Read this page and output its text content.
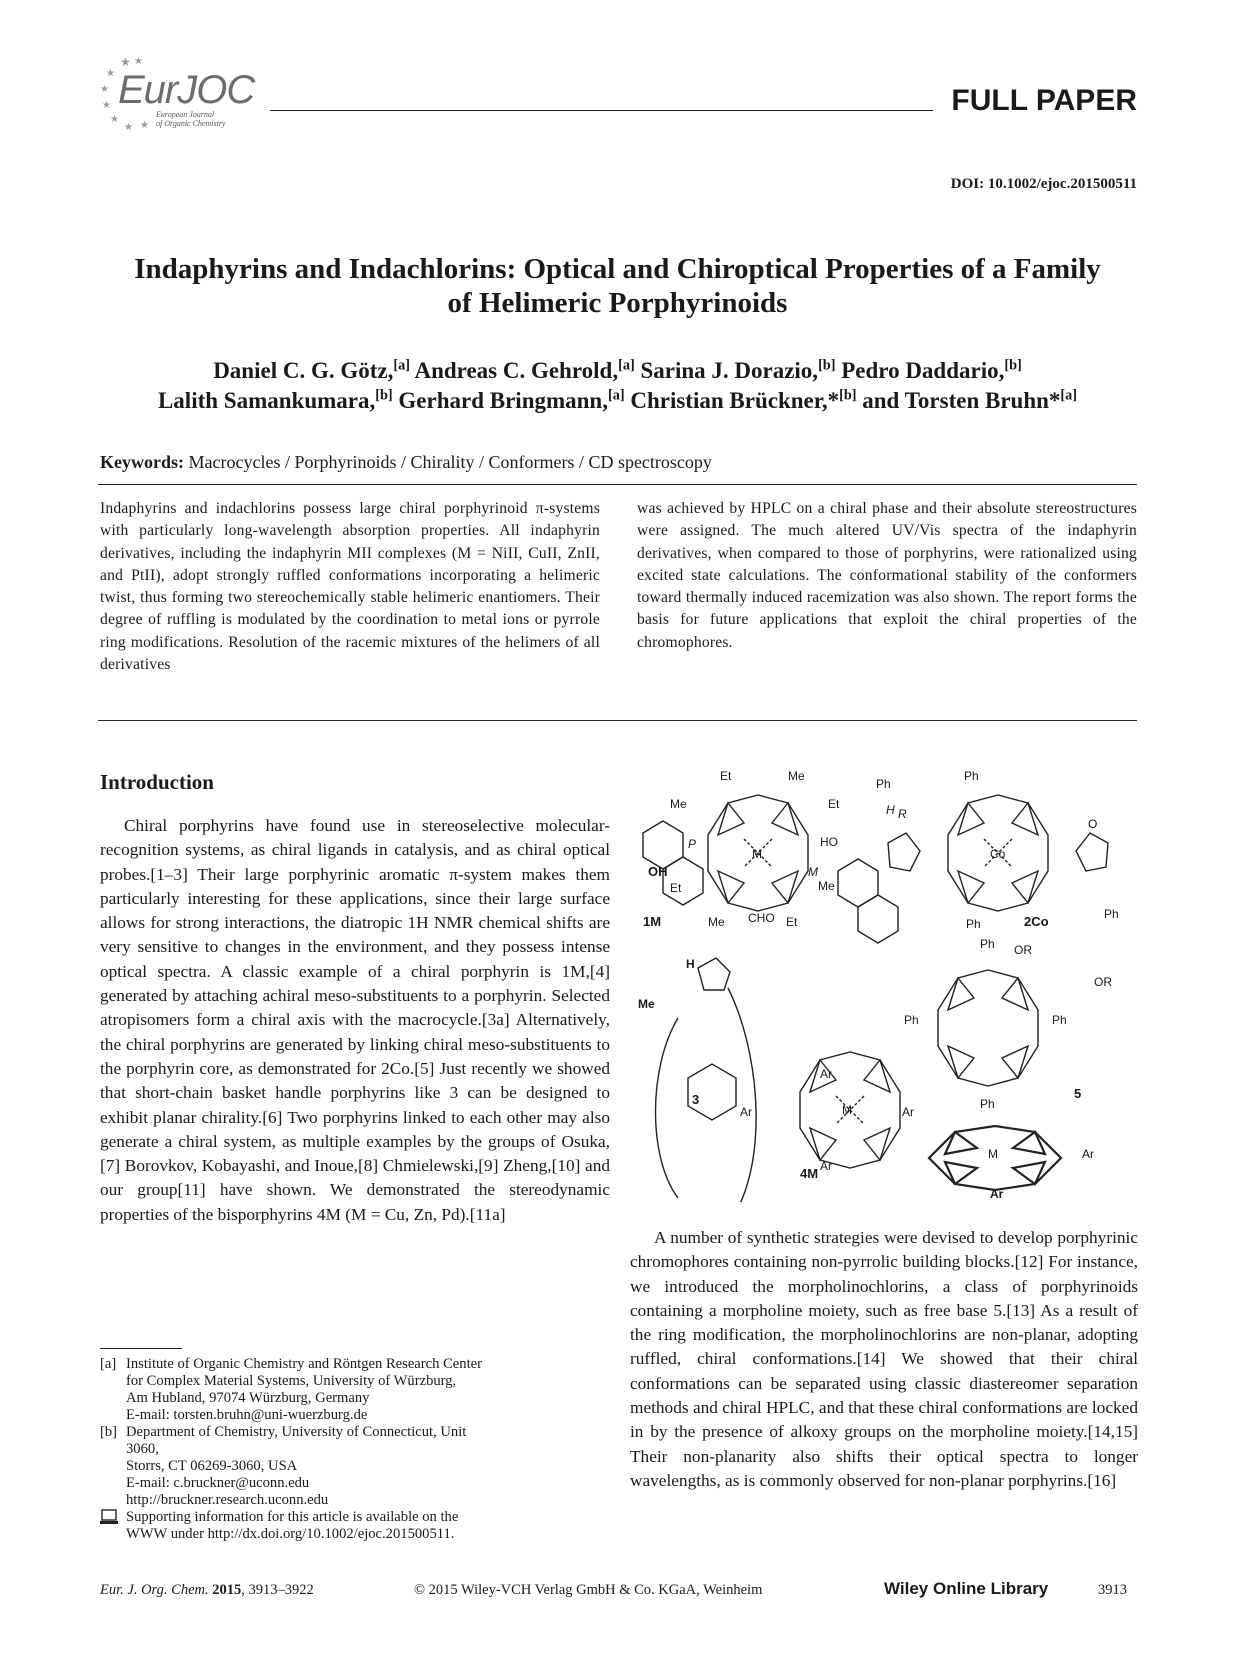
★ ★
★
★
★
★
★ ★
EurJOC
European Journal
of Organic Chemistry
FULL PAPER
DOI: 10.1002/ejoc.201500511
Indaphyrins and Indachlorins: Optical and Chiroptical Properties of a Family
of Helimeric Porphyrinoids
Daniel C. G. Götz,[a] Andreas C. Gehrold,[a] Sarina J. Dorazio,[b] Pedro Daddario,[b]
Lalith Samankumara,[b] Gerhard Bringmann,[a] Christian Brückner,*[b] and Torsten Bruhn*[a]
Keywords: Macrocycles / Porphyrinoids / Chirality / Conformers / CD spectroscopy
Indaphyrins and indachlorins possess large chiral porphyrinoid π-systems with particularly long-wavelength absorption properties. All indaphyrin derivatives, including the indaphyrin MII complexes (M = NiII, CuII, ZnII, and PtII), adopt strongly ruffled conformations incorporating a helimeric twist, thus forming two stereochemically stable helimeric enantiomers. Their degree of ruffling is modulated by the coordination to metal ions or pyrrole ring modifications. Resolution of the racemic mixtures of the helimers of all derivatives
was achieved by HPLC on a chiral phase and their absolute stereostructures were assigned. The much altered UV/Vis spectra of the indaphyrin derivatives, when compared to those of porphyrins, were rationalized using excited state calculations. The conformational stability of the conformers toward thermally induced racemization was also shown. The report forms the basis for future applications that exploit the chiral properties of the chromophores.
Introduction

Chiral porphyrins have found use in stereoselective molecular-recognition systems, as chiral ligands in catalysis, and as chiral optical probes.[1–3] Their large porphyrinic aromatic π-system makes them particularly interesting for these applications, since their large surface allows for strong interactions, the diatropic 1H NMR chemical shifts are very sensitive to changes in the environment, and they possess intense optical spectra. A classic example of a chiral porphyrin is 1M,[4] generated by attaching achiral meso-substituents to a porphyrin. Selected atropisomers form a chiral axis with the macrocycle.[3a] Alternatively, the chiral porphyrins are generated by linking chiral meso-substituents to the porphyrin core, as demonstrated for 2Co.[5] Just recently we showed that short-chain basket handle porphyrins like 3 can be designed to exhibit planar chirality.[6] Two porphyrins linked to each other may also generate a chiral system, as multiple examples by the groups of Osuka,[7] Borovkov, Kobayashi, and Inoue,[8] Chmielewski,[9] Zheng,[10] and our group[11] have shown. We demonstrated the stereodynamic properties of the bisporphyrins 4M (M = Cu, Zn, Pd).[11a]

Et	Me
Me	Et
OH
HO
P
M
M
Et	Me
Me CHO Et
1M
Ph
Ph
Co
H R
O
Ph
Ph
2Co
H
Me
3
Ar
Ar	Ar
Ar
M
4M
M
Ar
Ar
Ph OR
OR
Ph	Ph
Ph
5

A number of synthetic strategies were devised to develop porphyrinic chromophores containing non-pyrrolic building blocks.[12] For instance, we introduced the morpholinochlorins, a class of porphyrinoids containing a morpholine moiety, such as free base 5.[13] As a result of the ring modification, the morpholinochlorins are non-planar, adopting ruffled, chiral conformations.[14] We showed that their chiral conformations can be separated using classic diastereomer separation methods and chiral HPLC, and that these chiral conformations are locked in by the presence of alkoxy groups on the morpholine moiety.[14,15] Their non-planarity also shifts their optical spectra to longer wavelengths, as is commonly observed for non-planar porphyrins.[16]

[a] Institute of Organic Chemistry and Röntgen Research Center
for Complex Material Systems, University of Würzburg,
Am Hubland, 97074 Würzburg, Germany
E-mail: torsten.bruhn@uni-wuerzburg.de
[b] Department of Chemistry, University of Connecticut, Unit
3060,
Storrs, CT 06269-3060, USA
E-mail: c.bruckner@uconn.edu
http://bruckner.research.uconn.edu
Supporting information for this article is available on the
WWW under http://dx.doi.org/10.1002/ejoc.201500511.
Eur. J. Org. Chem. 2015, 3913–3922	© 2015 Wiley-VCH Verlag GmbH & Co. KGaA, Weinheim	Wiley Online Library	3913
